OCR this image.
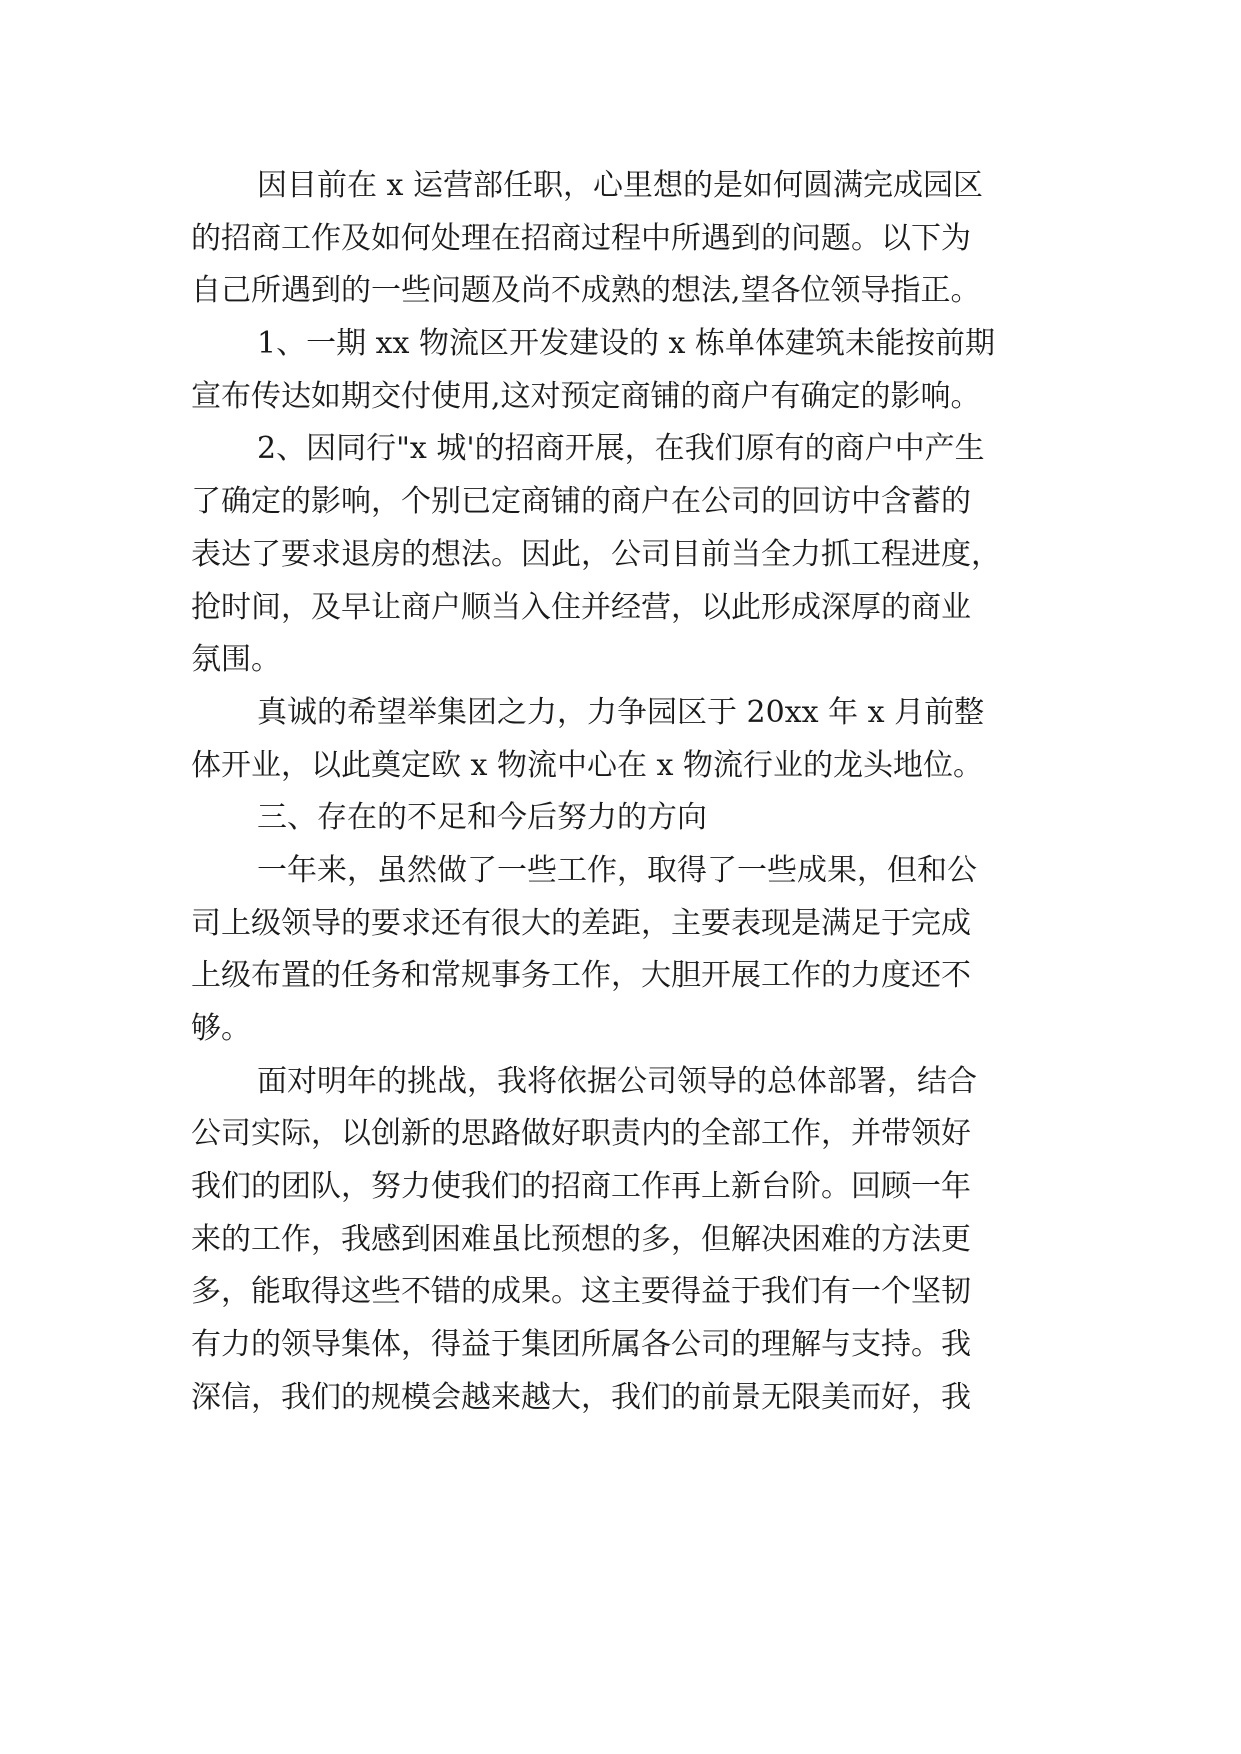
因目前在 x 运营部任职，心里想的是如何圆满完成园区
的招商工作及如何处理在招商过程中所遇到的问题。以下为
自己所遇到的一些问题及尚不成熟的想法,望各位领导指正。
1、一期 xx 物流区开发建设的 x 栋单体建筑未能按前期
宣布传达如期交付使用,这对预定商铺的商户有确定的影响。
2、因同行"x 城'的招商开展，在我们原有的商户中产生
了确定的影响，个别已定商铺的商户在公司的回访中含蓄的
表达了要求退房的想法。因此，公司目前当全力抓工程进度，
抢时间，及早让商户顺当入住并经营，以此形成深厚的商业
氛围。
真诚的希望举集团之力，力争园区于 20xx 年 x 月前整
体开业，以此奠定欧 x 物流中心在 x 物流行业的龙头地位。
三、存在的不足和今后努力的方向
一年来，虽然做了一些工作，取得了一些成果，但和公
司上级领导的要求还有很大的差距，主要表现是满足于完成
上级布置的任务和常规事务工作，大胆开展工作的力度还不
够。
面对明年的挑战，我将依据公司领导的总体部署，结合
公司实际，以创新的思路做好职责内的全部工作，并带领好
我们的团队，努力使我们的招商工作再上新台阶。回顾一年
来的工作，我感到困难虽比预想的多，但解决困难的方法更
多，能取得这些不错的成果。这主要得益于我们有一个坚韧
有力的领导集体，得益于集团所属各公司的理解与支持。我
深信，我们的规模会越来越大，我们的前景无限美而好，我
